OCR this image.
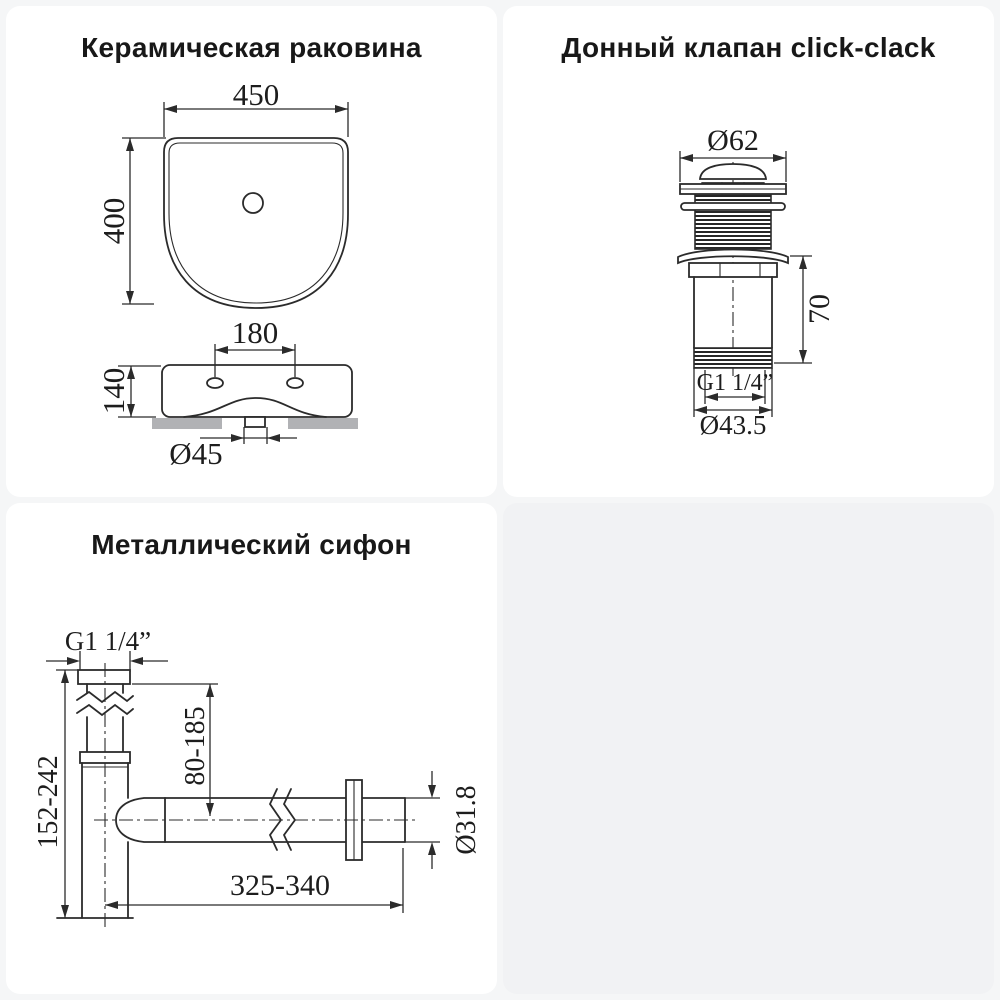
Керамическая раковина
450
400
180
140
Ø45
Донный клапан click-clack
Ø62
70
G1 1/4”
Ø43.5
Металлический сифон
G1 1/4”
80-185
152-242
325-340
Ø31.8
